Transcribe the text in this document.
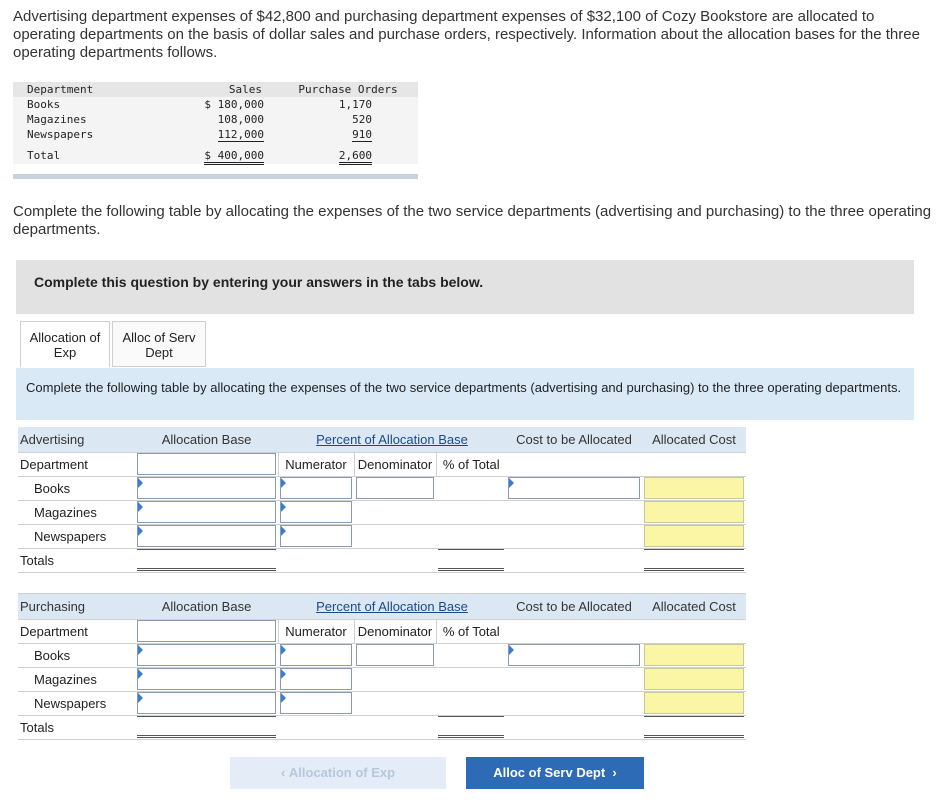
Advertising department expenses of $42,800 and purchasing department expenses of $32,100 of Cozy Bookstore are allocated to operating departments on the basis of dollar sales and purchase orders, respectively. Information about the allocation bases for the three operating departments follows.
Department	Sales	Purchase Orders
Books	$ 180,000	1,170
Magazines	108,000	520
Newspapers	112,000	910
Total	$ 400,000	2,600
Complete the following table by allocating the expenses of the two service departments (advertising and purchasing) to the three operating departments.
Complete this question by entering your answers in the tabs below.
Allocation of Exp
Alloc of Serv Dept
Complete the following table by allocating the expenses of the two service departments (advertising and purchasing) to the three operating departments.
Advertising	Allocation Base	Percent of Allocation Base			Cost to be Allocated	Allocated Cost
Department		Numerator	Denominator	% of Total		
Books	

Magazines	

Newspapers	

Totals	

Purchasing	Allocation Base	Percent of Allocation Base			Cost to be Allocated	Allocated Cost
Department		Numerator	Denominator	% of Total		
Books	

Magazines	

Newspapers	

Totals	

‹ Allocation of Exp	Alloc of Serv Dept  ›
